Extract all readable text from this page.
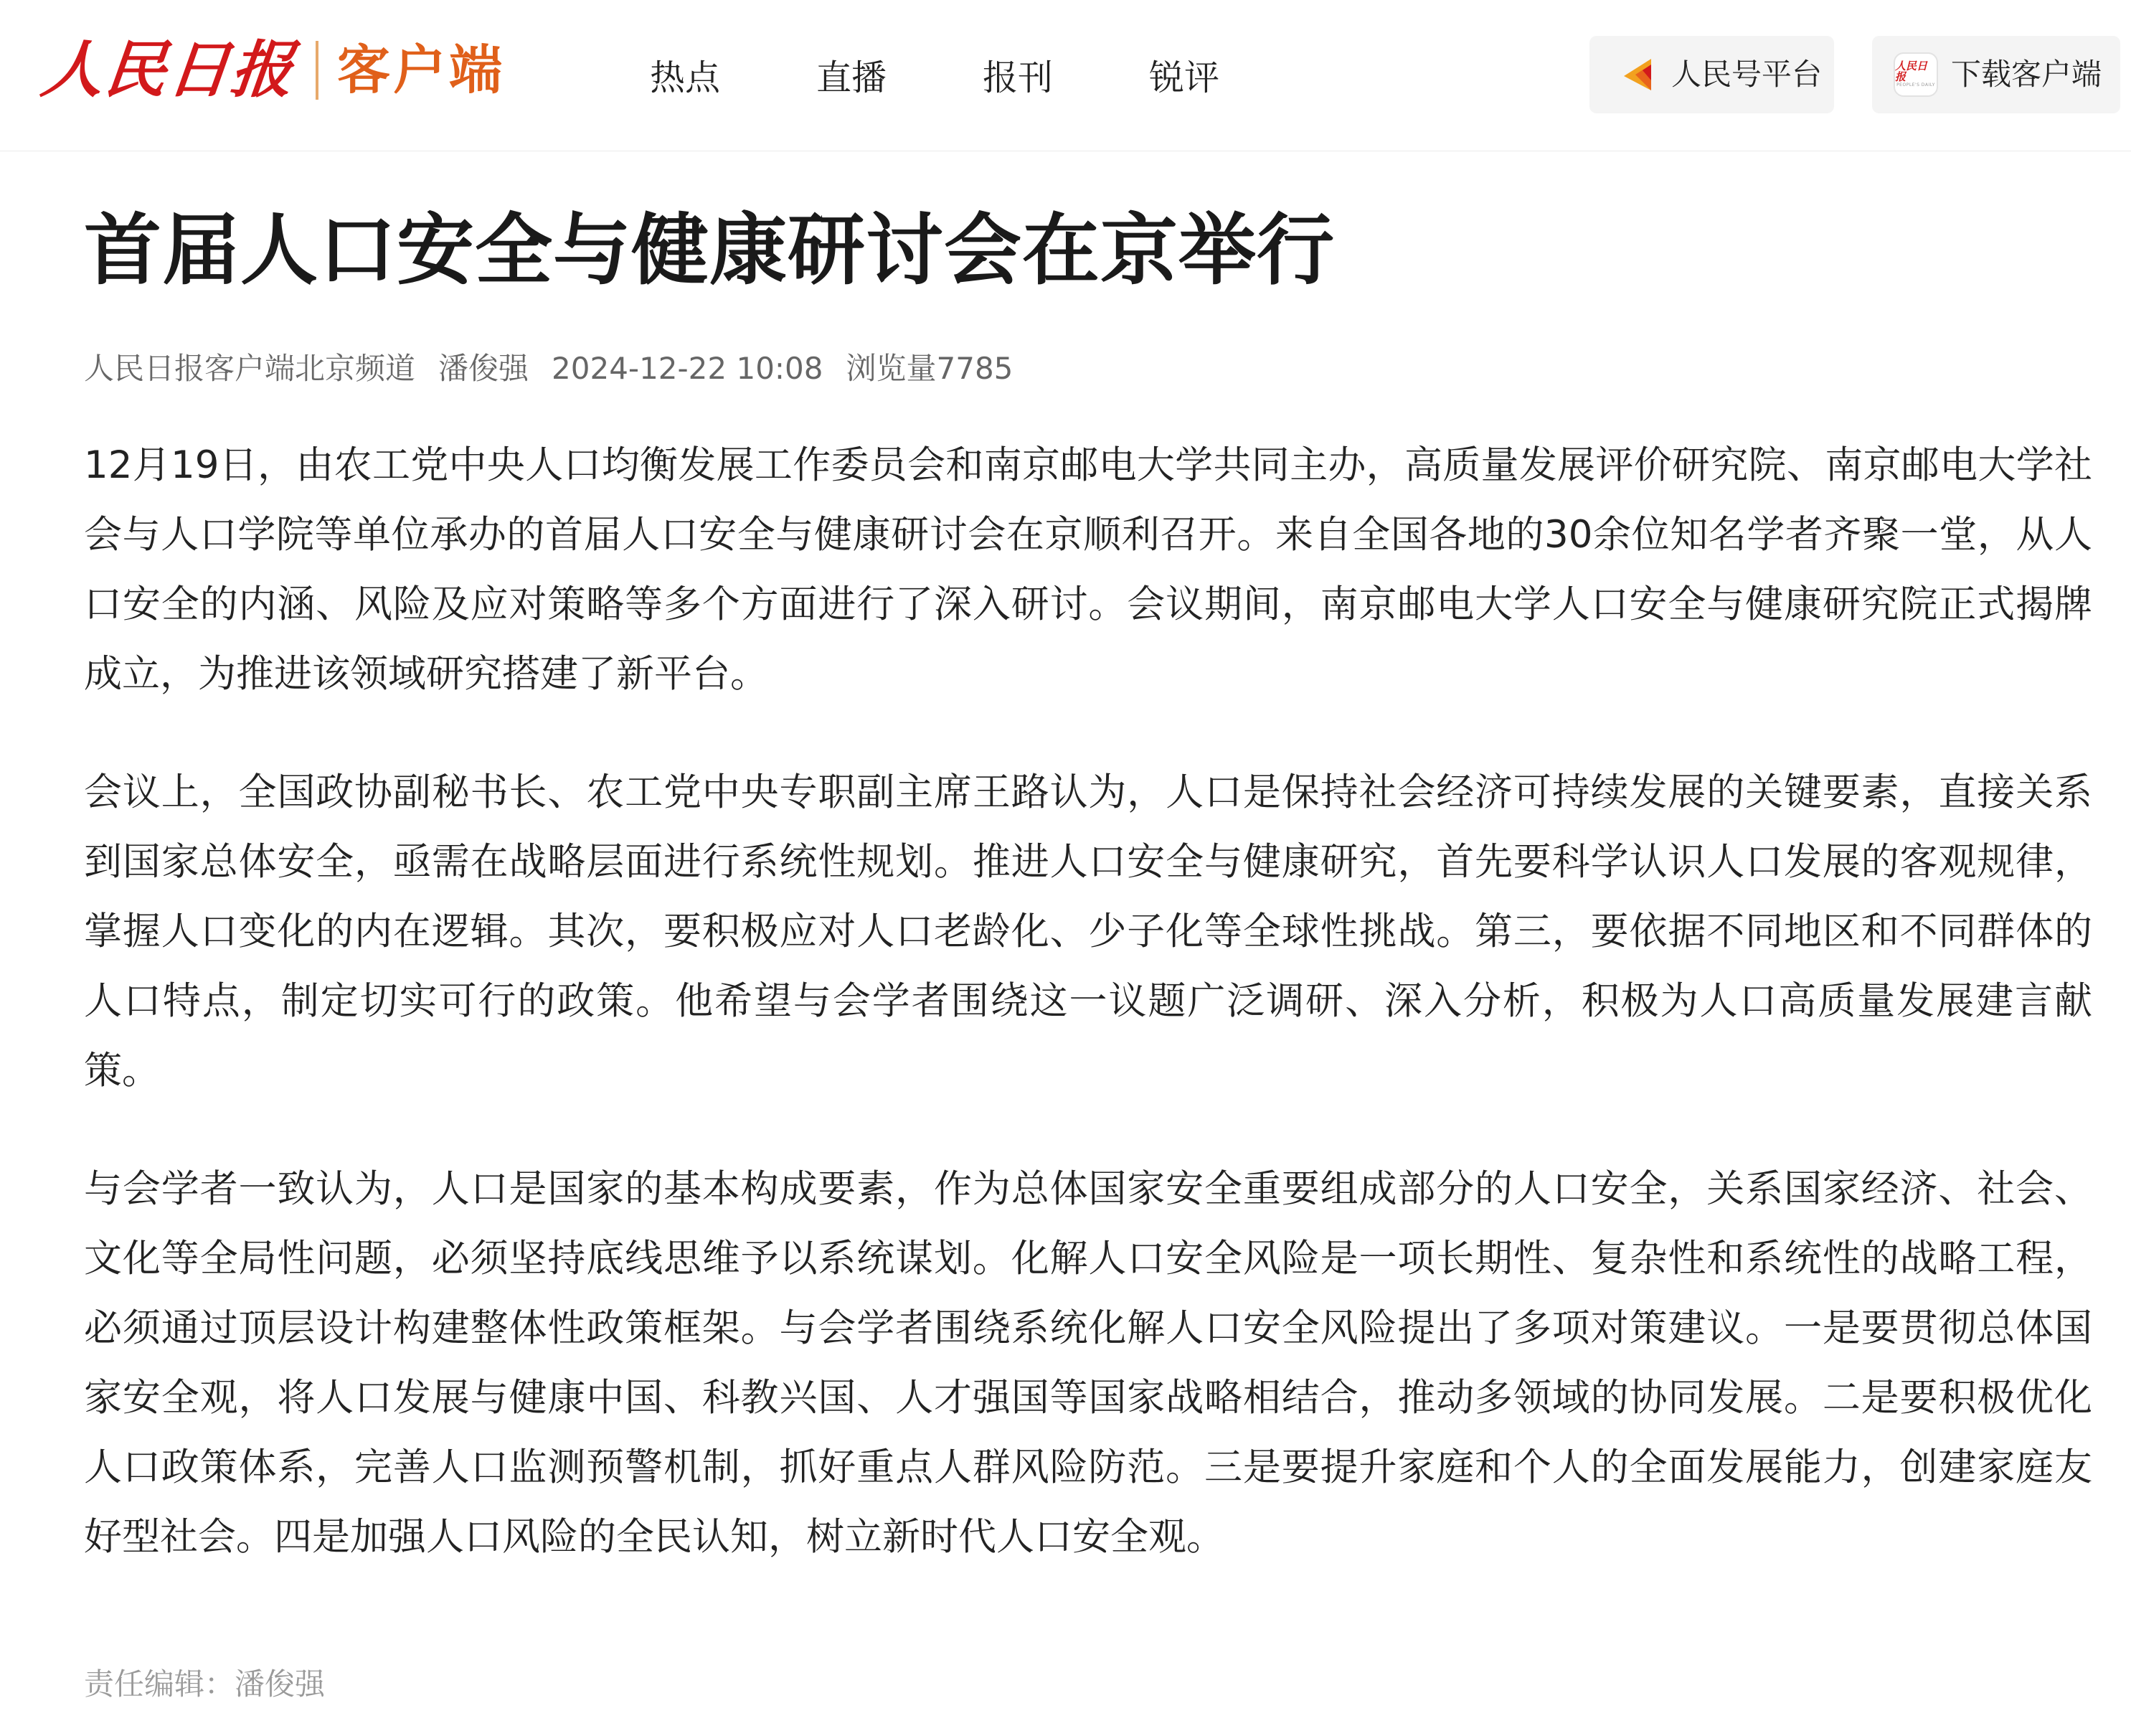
人民日报 客户端	热点	直播	报刊	锐评	人民号平台	人民日报
PEOPLE'S DAILY 下载客户端
首届人口安全与健康研讨会在京举行
人民日报客户端北京频道 潘俊强 2024-12-22 10:08 浏览量7785

12月19日，由农工党中央人口均衡发展工作委员会和南京邮电大学共同主办，高质量发展评价研究院、南京邮电大学社会与人口学院等单位承办的首届人口安全与健康研讨会在京顺利召开。来自全国各地的30余位知名学者齐聚一堂，从人口安全的内涵、风险及应对策略等多个方面进行了深入研讨。会议期间，南京邮电大学人口安全与健康研究院正式揭牌成立，为推进该领域研究搭建了新平台。

会议上，全国政协副秘书长、农工党中央专职副主席王路认为，人口是保持社会经济可持续发展的关键要素，直接关系到国家总体安全，亟需在战略层面进行系统性规划。推进人口安全与健康研究，首先要科学认识人口发展的客观规律，掌握人口变化的内在逻辑。其次，要积极应对人口老龄化、少子化等全球性挑战。第三，要依据不同地区和不同群体的人口特点，制定切实可行的政策。他希望与会学者围绕这一议题广泛调研、深入分析，积极为人口高质量发展建言献策。

与会学者一致认为，人口是国家的基本构成要素，作为总体国家安全重要组成部分的人口安全，关系国家经济、社会、文化等全局性问题，必须坚持底线思维予以系统谋划。化解人口安全风险是一项长期性、复杂性和系统性的战略工程，必须通过顶层设计构建整体性政策框架。与会学者围绕系统化解人口安全风险提出了多项对策建议。一是要贯彻总体国家安全观，将人口发展与健康中国、科教兴国、人才强国等国家战略相结合，推动多领域的协同发展。二是要积极优化人口政策体系，完善人口监测预警机制，抓好重点人群风险防范。三是要提升家庭和个人的全面发展能力，创建家庭友好型社会。四是加强人口风险的全民认知，树立新时代人口安全观。

责任编辑：潘俊强
